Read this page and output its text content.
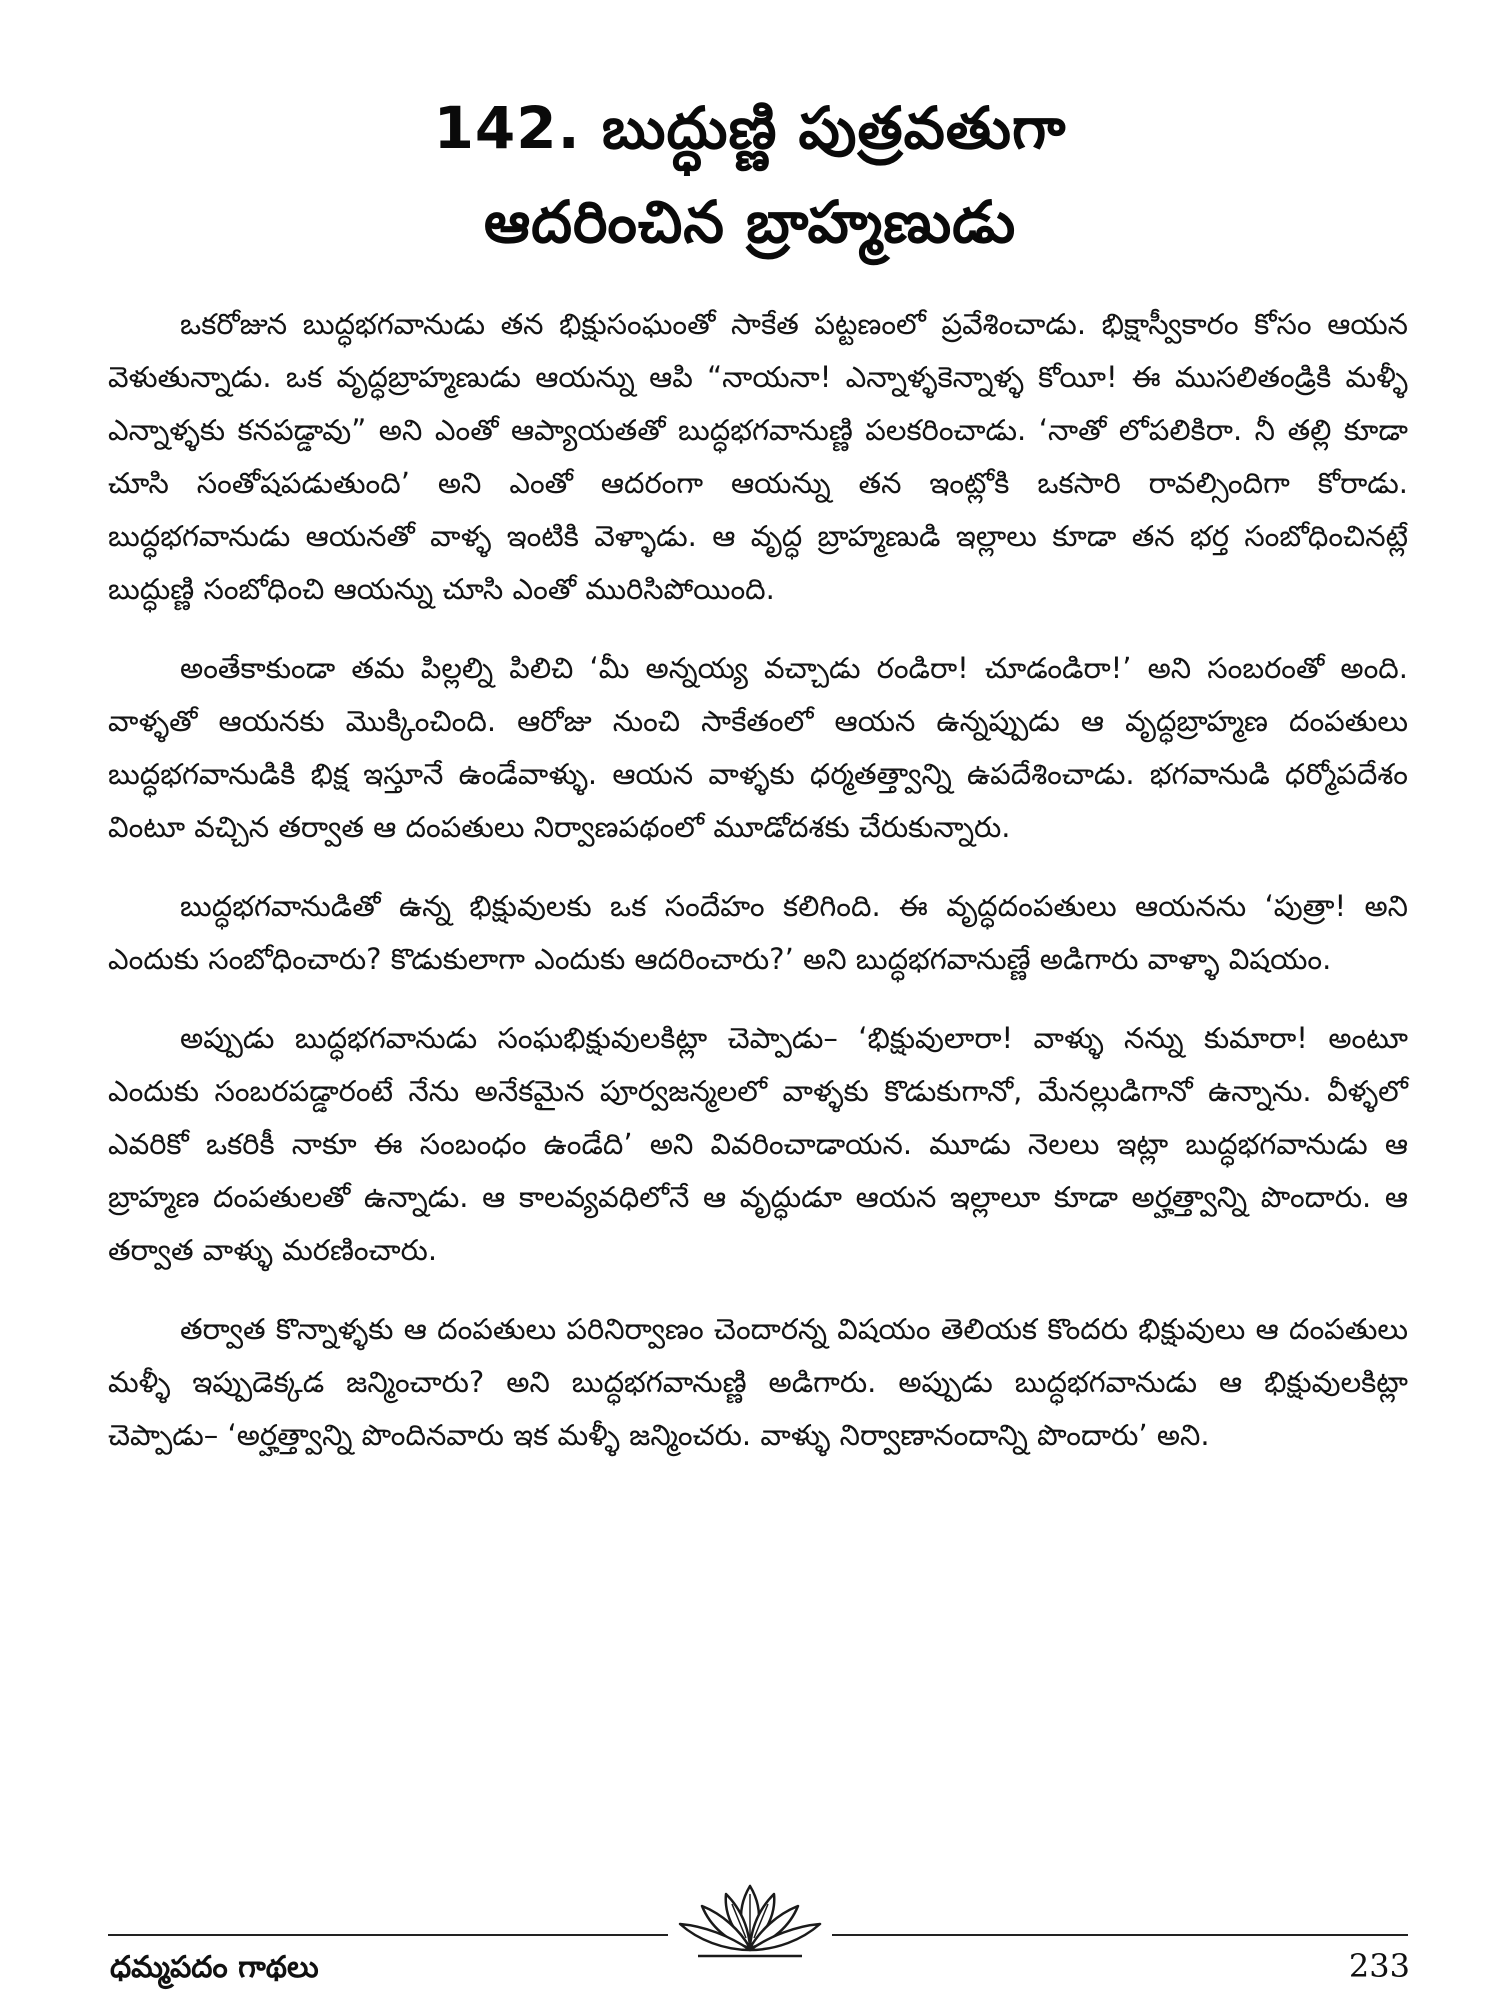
142. బుద్ధుణ్ణి పుత్రవతుగా
ఆదరించిన బ్రాహ్మణుడు

ఒకరోజున బుద్ధభగవానుడు తన భిక్షుసంఘంతో సాకేత పట్టణంలో ప్రవేశించాడు. భిక్షాస్వీకారం కోసం ఆయన వెళుతున్నాడు. ఒక వృద్ధబ్రాహ్మణుడు ఆయన్ను ఆపి “నాయనా! ఎన్నాళ్ళకెన్నాళ్ళ కోయీ! ఈ ముసలితండ్రికి మళ్ళీ ఎన్నాళ్ళకు కనపడ్డావు” అని ఎంతో ఆప్యాయతతో బుద్ధభగవానుణ్ణి పలకరించాడు. ‘నాతో లోపలికిరా. నీ తల్లి కూడా చూసి సంతోషపడుతుంది’ అని ఎంతో ఆదరంగా ఆయన్ను తన ఇంట్లోకి ఒకసారి రావల్సిందిగా కోరాడు. బుద్ధభగవానుడు ఆయనతో వాళ్ళ ఇంటికి వెళ్ళాడు. ఆ వృద్ధ బ్రాహ్మణుడి ఇల్లాలు కూడా తన భర్త సంబోధించినట్లే బుద్ధుణ్ణి సంబోధించి ఆయన్ను చూసి ఎంతో మురిసిపోయింది.

అంతేకాకుండా తమ పిల్లల్ని పిలిచి ‘మీ అన్నయ్య వచ్చాడు రండిరా! చూడండిరా!’ అని సంబరంతో అంది. వాళ్ళతో ఆయనకు మొక్కించింది. ఆరోజు నుంచి సాకేతంలో ఆయన ఉన్నప్పుడు ఆ వృద్ధబ్రాహ్మణ దంపతులు బుద్ధభగవానుడికి భిక్ష ఇస్తూనే ఉండేవాళ్ళు. ఆయన వాళ్ళకు ధర్మతత్త్వాన్ని ఉపదేశించాడు. భగవానుడి ధర్మోపదేశం వింటూ వచ్చిన తర్వాత ఆ దంపతులు నిర్వాణపథంలో మూడోదశకు చేరుకున్నారు.

బుద్ధభగవానుడితో ఉన్న భిక్షువులకు ఒక సందేహం కలిగింది. ఈ వృద్ధదంపతులు ఆయనను ‘పుత్రా! అని ఎందుకు సంబోధించారు? కొడుకులాగా ఎందుకు ఆదరించారు?’ అని బుద్ధభగవానుణ్ణే అడిగారు వాళ్ళా విషయం.

అప్పుడు బుద్ధభగవానుడు సంఘభిక్షువులకిట్లా చెప్పాడు– ‘భిక్షువులారా! వాళ్ళు నన్ను కుమారా! అంటూ ఎందుకు సంబరపడ్డారంటే నేను అనేకమైన పూర్వజన్మలలో వాళ్ళకు కొడుకుగానో, మేనల్లుడిగానో ఉన్నాను. వీళ్ళలో ఎవరికో ఒకరికీ నాకూ ఈ సంబంధం ఉండేది’ అని వివరించాడాయన. మూడు నెలలు ఇట్లా బుద్ధభగవానుడు ఆ బ్రాహ్మణ దంపతులతో ఉన్నాడు. ఆ కాలవ్యవధిలోనే ఆ వృద్ధుడూ ఆయన ఇల్లాలూ కూడా అర్హత్త్వాన్ని పొందారు. ఆ తర్వాత వాళ్ళు మరణించారు.

తర్వాత కొన్నాళ్ళకు ఆ దంపతులు పరినిర్వాణం చెందారన్న విషయం తెలియక కొందరు భిక్షువులు ఆ దంపతులు మళ్ళీ ఇప్పుడెక్కడ జన్మించారు? అని బుద్ధభగవానుణ్ణి అడిగారు. అప్పుడు బుద్ధభగవానుడు ఆ భిక్షువులకిట్లా చెప్పాడు– ‘అర్హత్త్వాన్ని పొందినవారు ఇక మళ్ళీ జన్మించరు. వాళ్ళు నిర్వాణానందాన్ని పొందారు’ అని.

ధమ్మపదం గాథలు	233
